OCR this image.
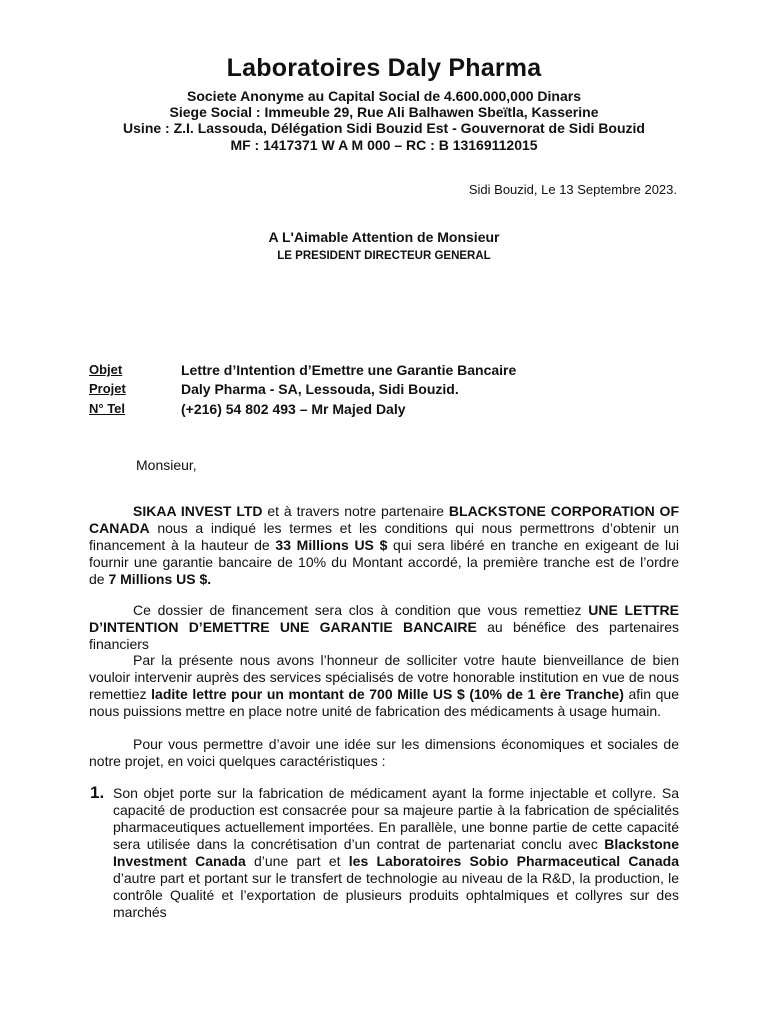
Laboratoires Daly Pharma
Societe Anonyme au Capital Social de 4.600.000,000 Dinars
Siege Social : Immeuble 29, Rue Ali Balhawen Sbeïtla, Kasserine
Usine : Z.I. Lassouda, Délégation Sidi Bouzid Est - Gouvernorat de Sidi Bouzid
MF : 1417371 W A M 000 – RC : B 13169112015
Sidi Bouzid, Le 13 Septembre 2023.
A L'Aimable Attention de Monsieur
LE PRESIDENT DIRECTEUR GENERAL
Objet	Lettre d’Intention d’Emettre une Garantie Bancaire
Projet	Daly Pharma - SA, Lessouda, Sidi Bouzid.
N° Tel	(+216) 54 802 493 – Mr Majed Daly
Monsieur,

SIKAA INVEST LTD et à travers notre partenaire BLACKSTONE CORPORATION OF CANADA nous a indiqué les termes et les conditions qui nous permettrons d’obtenir un financement à la hauteur de 33 Millions US $ qui sera libéré en tranche en exigeant de lui fournir une garantie bancaire de 10% du Montant accordé, la première tranche est de l’ordre de 7 Millions US $.

Ce dossier de financement sera clos à condition que vous remettiez UNE LETTRE D’INTENTION D’EMETTRE UNE GARANTIE BANCAIRE au bénéfice des partenaires financiers

Par la présente nous avons l’honneur de solliciter votre haute bienveillance de bien vouloir intervenir auprès des services spécialisés de votre honorable institution en vue de nous remettiez ladite lettre pour un montant de 700 Mille US $ (10% de 1 ère Tranche) afin que nous puissions mettre en place notre unité de fabrication des médicaments à usage humain.

Pour vous permettre d’avoir une idée sur les dimensions économiques et sociales de notre projet, en voici quelques caractéristiques :

1. Son objet porte sur la fabrication de médicament ayant la forme injectable et collyre. Sa capacité de production est consacrée pour sa majeure partie à la fabrication de spécialités pharmaceutiques actuellement importées. En parallèle, une bonne partie de cette capacité sera utilisée dans la concrétisation d’un contrat de partenariat conclu avec Blackstone Investment Canada d’une part et les Laboratoires Sobio Pharmaceutical Canada d’autre part et portant sur le transfert de technologie au niveau de la R&D, la production, le contrôle Qualité et l’exportation de plusieurs produits ophtalmiques et collyres sur des marchés
